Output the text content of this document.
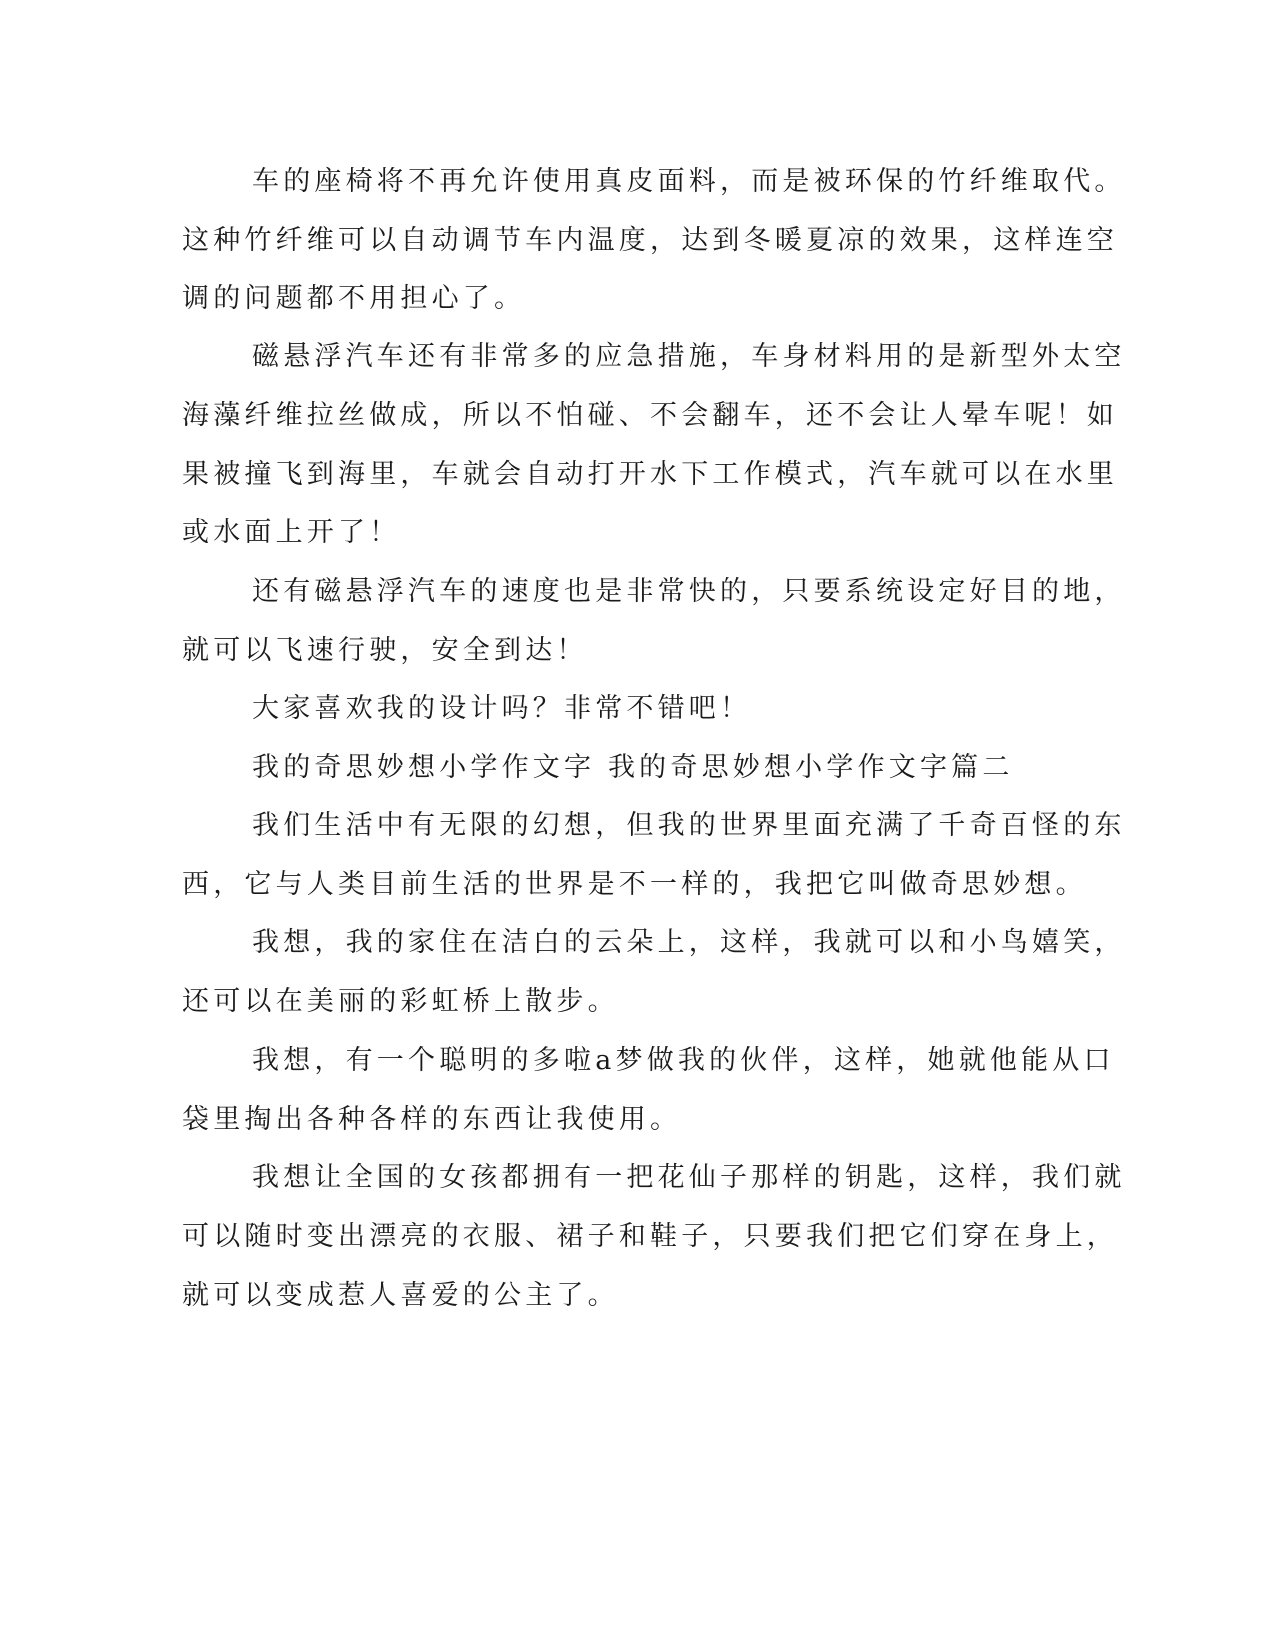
车的座椅将不再允许使用真皮面料，而是被环保的竹纤维取代。

这种竹纤维可以自动调节车内温度，达到冬暖夏凉的效果，这样连空

调的问题都不用担心了。

磁悬浮汽车还有非常多的应急措施，车身材料用的是新型外太空

海藻纤维拉丝做成，所以不怕碰、不会翻车，还不会让人晕车呢！如

果被撞飞到海里，车就会自动打开水下工作模式，汽车就可以在水里

或水面上开了！

还有磁悬浮汽车的速度也是非常快的，只要系统设定好目的地，

就可以飞速行驶，安全到达！

大家喜欢我的设计吗？非常不错吧！

我的奇思妙想小学作文字 我的奇思妙想小学作文字篇二

我们生活中有无限的幻想，但我的世界里面充满了千奇百怪的东

西，它与人类目前生活的世界是不一样的，我把它叫做奇思妙想。

我想，我的家住在洁白的云朵上，这样，我就可以和小鸟嬉笑，

还可以在美丽的彩虹桥上散步。

我想，有一个聪明的多啦a梦做我的伙伴，这样，她就他能从口

袋里掏出各种各样的东西让我使用。

我想让全国的女孩都拥有一把花仙子那样的钥匙，这样，我们就

可以随时变出漂亮的衣服、裙子和鞋子，只要我们把它们穿在身上，

就可以变成惹人喜爱的公主了。
